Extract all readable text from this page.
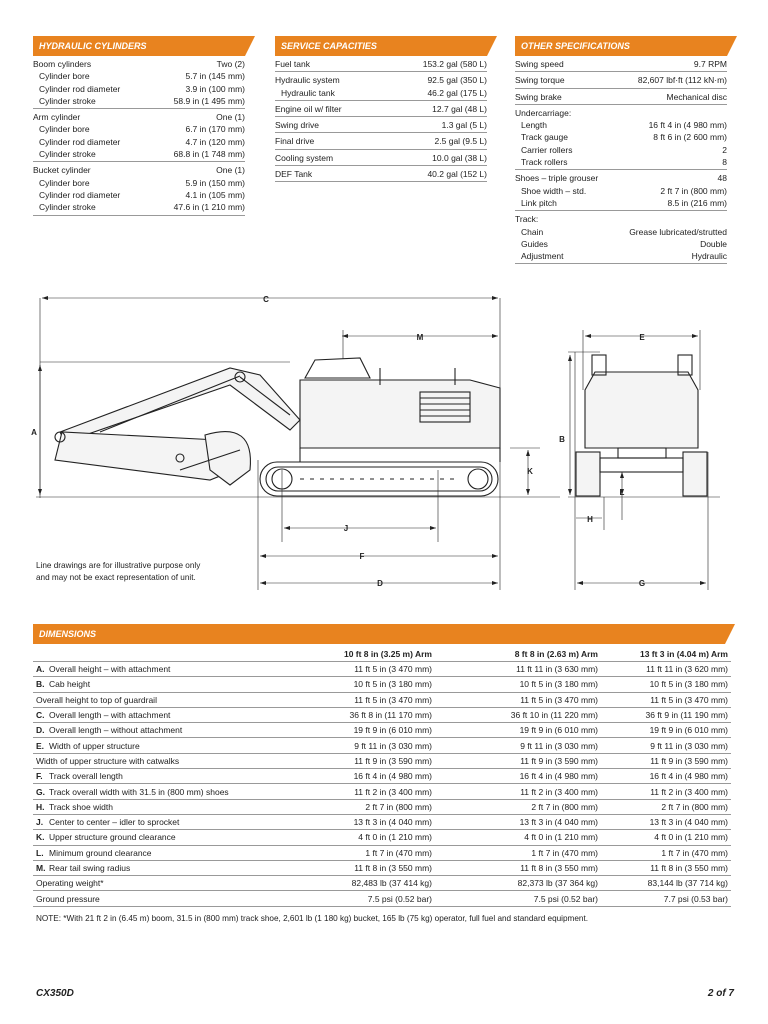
HYDRAULIC CYLINDERS
Boom cylinders	Two (2)
Cylinder bore	5.7 in (145 mm)
Cylinder rod diameter	3.9 in (100 mm)
Cylinder stroke	58.9 in (1 495 mm)
Arm cylinder	One (1)
Cylinder bore	6.7 in (170 mm)
Cylinder rod diameter	4.7 in (120 mm)
Cylinder stroke	68.8 in (1 748 mm)
Bucket cylinder	One (1)
Cylinder bore	5.9 in (150 mm)
Cylinder rod diameter	4.1 in (105 mm)
Cylinder stroke	47.6 in (1 210 mm)
SERVICE CAPACITIES
Fuel tank	153.2 gal (580 L)
Hydraulic system	92.5 gal (350 L)
Hydraulic tank	46.2 gal (175 L)
Engine oil w/ filter	12.7 gal (48 L)
Swing drive	1.3 gal (5 L)
Final drive	2.5 gal (9.5 L)
Cooling system	10.0 gal (38 L)
DEF Tank	40.2 gal (152 L)
OTHER SPECIFICATIONS
Swing speed	9.7 RPM
Swing torque	82,607 lbf·ft (112 kN·m)
Swing brake	Mechanical disc
Undercarriage:
Length	16 ft 4 in (4 980 mm)
Track gauge	8 ft 6 in (2 600 mm)
Carrier rollers	2
Track rollers	8
Shoes – triple grouser	48
Shoe width – std.	2 ft 7 in (800 mm)
Link pitch	8.5 in (216 mm)
Track:
Chain	Grease lubricated/strutted
Guides	Double
Adjustment	Hydraulic
C
M
A
K
J
F
D
E
B
L
H
G
Line drawings are for illustrative purpose only
and may not be exact representation of unit.
DIMENSIONS
	10 ft 8 in (3.25 m) Arm	8 ft 8 in (2.63 m) Arm	13 ft 3 in (4.04 m) Arm
A. Overall height – with attachment	11 ft 5 in (3 470 mm)	11 ft 11 in (3 630 mm)	11 ft 11 in (3 620 mm)
B. Cab height	10 ft 5 in (3 180 mm)	10 ft 5 in (3 180 mm)	10 ft 5 in (3 180 mm)
Overall height to top of guardrail	11 ft 5 in (3 470 mm)	11 ft 5 in (3 470 mm)	11 ft 5 in (3 470 mm)
C. Overall length – with attachment	36 ft 8 in (11 170 mm)	36 ft 10 in (11 220 mm)	36 ft 9 in (11 190 mm)
D. Overall length – without attachment	19 ft 9 in (6 010 mm)	19 ft 9 in (6 010 mm)	19 ft 9 in (6 010 mm)
E. Width of upper structure	9 ft 11 in (3 030 mm)	9 ft 11 in (3 030 mm)	9 ft 11 in (3 030 mm)
Width of upper structure with catwalks	11 ft 9 in (3 590 mm)	11 ft 9 in (3 590 mm)	11 ft 9 in (3 590 mm)
F. Track overall length	16 ft 4 in (4 980 mm)	16 ft 4 in (4 980 mm)	16 ft 4 in (4 980 mm)
G. Track overall width with 31.5 in (800 mm) shoes	11 ft 2 in (3 400 mm)	11 ft 2 in (3 400 mm)	11 ft 2 in (3 400 mm)
H. Track shoe width	2 ft 7 in (800 mm)	2 ft 7 in (800 mm)	2 ft 7 in (800 mm)
J. Center to center – idler to sprocket	13 ft 3 in (4 040 mm)	13 ft 3 in (4 040 mm)	13 ft 3 in (4 040 mm)
K. Upper structure ground clearance	4 ft 0 in (1 210 mm)	4 ft 0 in (1 210 mm)	4 ft 0 in (1 210 mm)
L. Minimum ground clearance	1 ft 7 in (470 mm)	1 ft 7 in (470 mm)	1 ft 7 in (470 mm)
M. Rear tail swing radius	11 ft 8 in (3 550 mm)	11 ft 8 in (3 550 mm)	11 ft 8 in (3 550 mm)
Operating weight*	82,483 lb (37 414 kg)	82,373 lb (37 364 kg)	83,144 lb (37 714 kg)
Ground pressure	7.5 psi (0.52 bar)	7.5 psi (0.52 bar)	7.7 psi (0.53 bar)
NOTE: *With 21 ft 2 in (6.45 m) boom, 31.5 in (800 mm) track shoe, 2,601 lb (1 180 kg) bucket, 165 lb (75 kg) operator, full fuel and standard equipment.
CX350D	2 of 7
